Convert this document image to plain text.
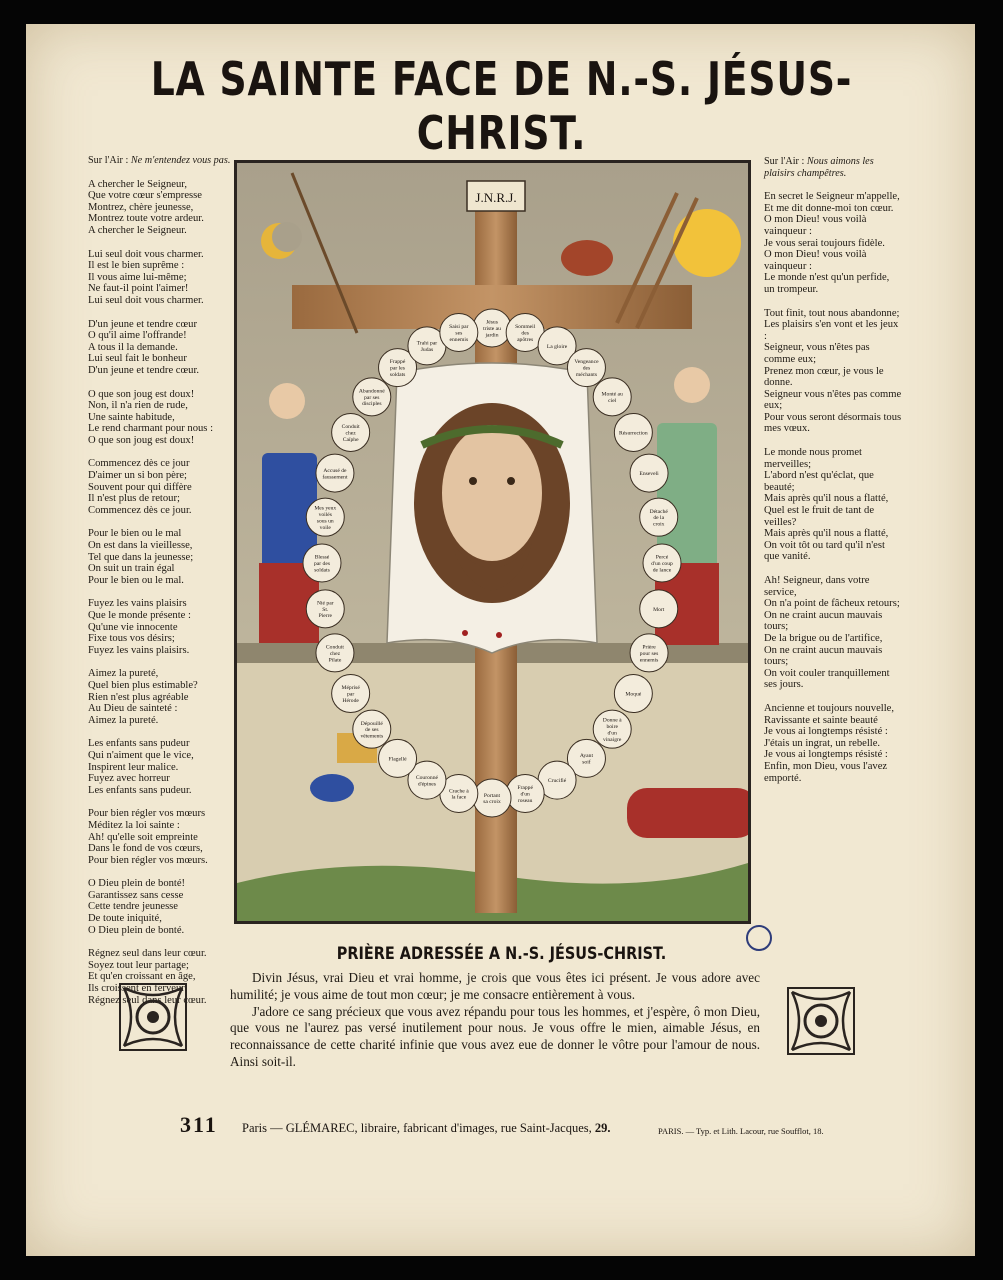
LA SAINTE FACE DE N.-S. JÉSUS-CHRIST.
Sur l'Air : Ne m'entendez vous pas.
A chercher le Seigneur,
Que votre cœur s'empresse
Montrez, chère jeunesse,
Montrez toute votre ardeur.
A chercher le Seigneur.
Lui seul doit vous charmer.
Il est le bien suprême :
Il vous aime lui-même;
Ne faut-il point l'aimer!
Lui seul doit vous charmer.
D'un jeune et tendre cœur
O qu'il aime l'offrande!
A tous il la demande.
Lui seul fait le bonheur
D'un jeune et tendre cœur.
O que son joug est doux!
Non, il n'a rien de rude,
Une sainte habitude,
Le rend charmant pour nous :
O que son joug est doux!
Commencez dès ce jour
D'aimer un si bon père;
Souvent pour qui diffère
Il n'est plus de retour;
Commencez dès ce jour.
Pour le bien ou le mal
On est dans la vieillesse,
Tel que dans la jeunesse;
On suit un train égal
Pour le bien ou le mal.
Fuyez les vains plaisirs
Que le monde présente :
Qu'une vie innocente
Fixe tous vos désirs;
Fuyez les vains plaisirs.
Aimez la pureté,
Quel bien plus estimable?
Rien n'est plus agréable
Au Dieu de sainteté :
Aimez la pureté.
Les enfants sans pudeur
Qui n'aiment que le vice,
Inspirent leur malice.
Fuyez avec horreur
Les enfants sans pudeur.
Pour bien régler vos mœurs
Méditez la loi sainte :
Ah! qu'elle soit empreinte
Dans le fond de vos cœurs,
Pour bien régler vos mœurs.
O Dieu plein de bonté!
Garantissez sans cesse
Cette tendre jeunesse
De toute iniquité,
O Dieu plein de bonté.
Régnez seul dans leur cœur.
Soyez tout leur partage;
Et qu'en croissant en âge,
Ils croissent en ferveur;
Régnez seul dans leur cœur.
Sur l'Air : Nous aimons les plaisirs champêtres.
En secret le Seigneur m'appelle,
Et me dit donne-moi ton cœur.
O mon Dieu! vous voilà vainqueur :
Je vous serai toujours fidèle.
O mon Dieu! vous voilà vainqueur :
Le monde n'est qu'un perfide, un trompeur.
Tout finit, tout nous abandonne;
Les plaisirs s'en vont et les jeux :
Seigneur, vous n'êtes pas comme eux;
Prenez mon cœur, je vous le donne.
Seigneur vous n'êtes pas comme eux;
Pour vous seront désormais tous mes vœux.
Le monde nous promet merveilles;
L'abord n'est qu'éclat, que beauté;
Mais après qu'il nous a flatté,
Quel est le fruit de tant de veilles?
Mais après qu'il nous a flatté,
On voit tôt ou tard qu'il n'est que vanité.
Ah! Seigneur, dans votre service,
On n'a point de fâcheux retours;
On ne craint aucun mauvais tours;
De la brigue ou de l'artifice,
On ne craint aucun mauvais tours;
On voit couler tranquillement ses jours.
Ancienne et toujours nouvelle,
Ravissante et sainte beauté
Je vous ai longtemps résisté :
J'étais un ingrat, un rebelle.
Je vous ai longtemps résisté :
Enfin, mon Dieu, vous l'avez emporté.
J.N.R.J.
Jésus triste au jardin
Sommeil des apôtres
La gloire
Vengeance des méchants
Monté au ciel
Résurrection
Enseveli
Détaché de la croix
Percé d'un coup de lance
Mort
Prière pour ses ennemis
Moqué
Donne à boire d'un vinaigre
Ayant soif
Crucifié
Frappé d'un roseau
Portant sa croix
Crache à la face
Couronné d'épines
Flagellé
Dépouillé de ses vêtements
Méprisé par Hérode
Conduit chez Pilate
Nié par St. Pierre
Blessé par des soldats
Mes yeux voilés sous un voile
Accusé de faussement
Conduit chez Caïphe
Abandonné par ses disciples
Frappé par les soldats
Trahi par Judas
Saisi par ses ennemis
PRIÈRE ADRESSÉE A N.-S. JÉSUS-CHRIST.

Divin Jésus, vrai Dieu et vrai homme, je crois que vous êtes ici présent. Je vous adore avec humilité; je vous aime de tout mon cœur; je me consacre entièrement à vous.

J'adore ce sang précieux que vous avez répandu pour tous les hommes, et j'espère, ô mon Dieu, que vous ne l'aurez pas versé inutilement pour nous. Je vous offre le mien, aimable Jésus, en reconnaissance de cette charité infinie que vous avez eue de donner le vôtre pour l'amour de nous. Ainsi soit-il.

311 Paris — GLÉMAREC, libraire, fabricant d'images, rue Saint-Jacques, 29.	PARIS. — Typ. et Lith. Lacour, rue Soufflot, 18.
